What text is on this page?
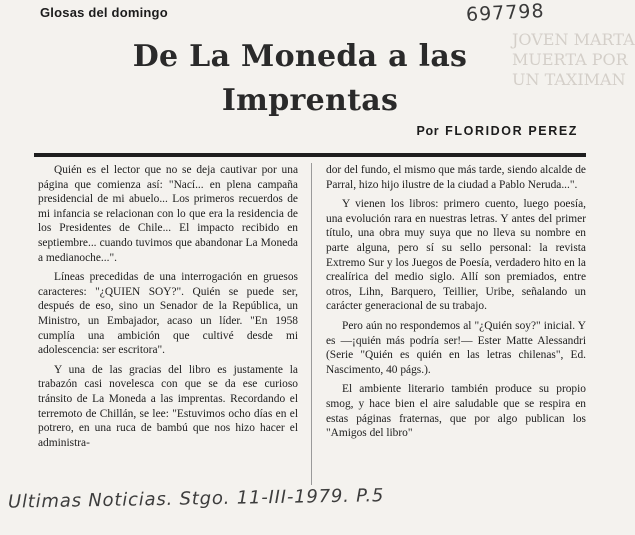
Glosas del domingo	697798
JOVEN MARTA
MUERTA POR
UN TAXIMAN
De La Moneda a las
Imprentas
Por FLORIDOR PEREZ

Quién es el lector que no se deja cautivar por una página que comienza así: "Nací... en plena campaña presidencial de mi abuelo... Los primeros recuerdos de mi infancia se relacionan con lo que era la residencia de los Presidentes de Chile... El impacto recibido en septiembre... cuando tuvimos que abandonar La Moneda a medianoche...".

Líneas precedidas de una interrogación en gruesos caracteres: "¿QUIEN SOY?". Quién se puede ser, después de eso, sino un Senador de la República, un Ministro, un Embajador, acaso un líder. "En 1958 cumplía una ambición que cultivé desde mi adolescencia: ser escritora".

Y una de las gracias del libro es justamente la trabazón casi novelesca con que se da ese curioso tránsito de La Moneda a las imprentas. Recordando el terremoto de Chillán, se lee: "Estuvimos ocho días en el potrero, en una ruca de bambú que nos hizo hacer el administra-

dor del fundo, el mismo que más tarde, siendo alcalde de Parral, hizo hijo ilustre de la ciudad a Pablo Neruda...".

Y vienen los libros: primero cuento, luego poesía, una evolución rara en nuestras letras. Y antes del primer título, una obra muy suya que no lleva su nombre en parte alguna, pero sí su sello personal: la revista Extremo Sur y los Juegos de Poesía, verdadero hito en la crealírica del medio siglo. Allí son premiados, entre otros, Lihn, Barquero, Teillier, Uribe, señalando un carácter generacional de su trabajo.

Pero aún no respondemos al "¿Quién soy?" inicial. Y es —¡quién más podría ser!— Ester Matte Alessandri (Serie "Quién es quién en las letras chilenas", Ed. Nascimento, 40 págs.).

El ambiente literario también produce su propio smog, y hace bien el aire saludable que se respira en estas páginas fraternas, que por algo publican los "Amigos del libro"

Ultimas Noticias. Stgo. 11-III-1979. P.5
